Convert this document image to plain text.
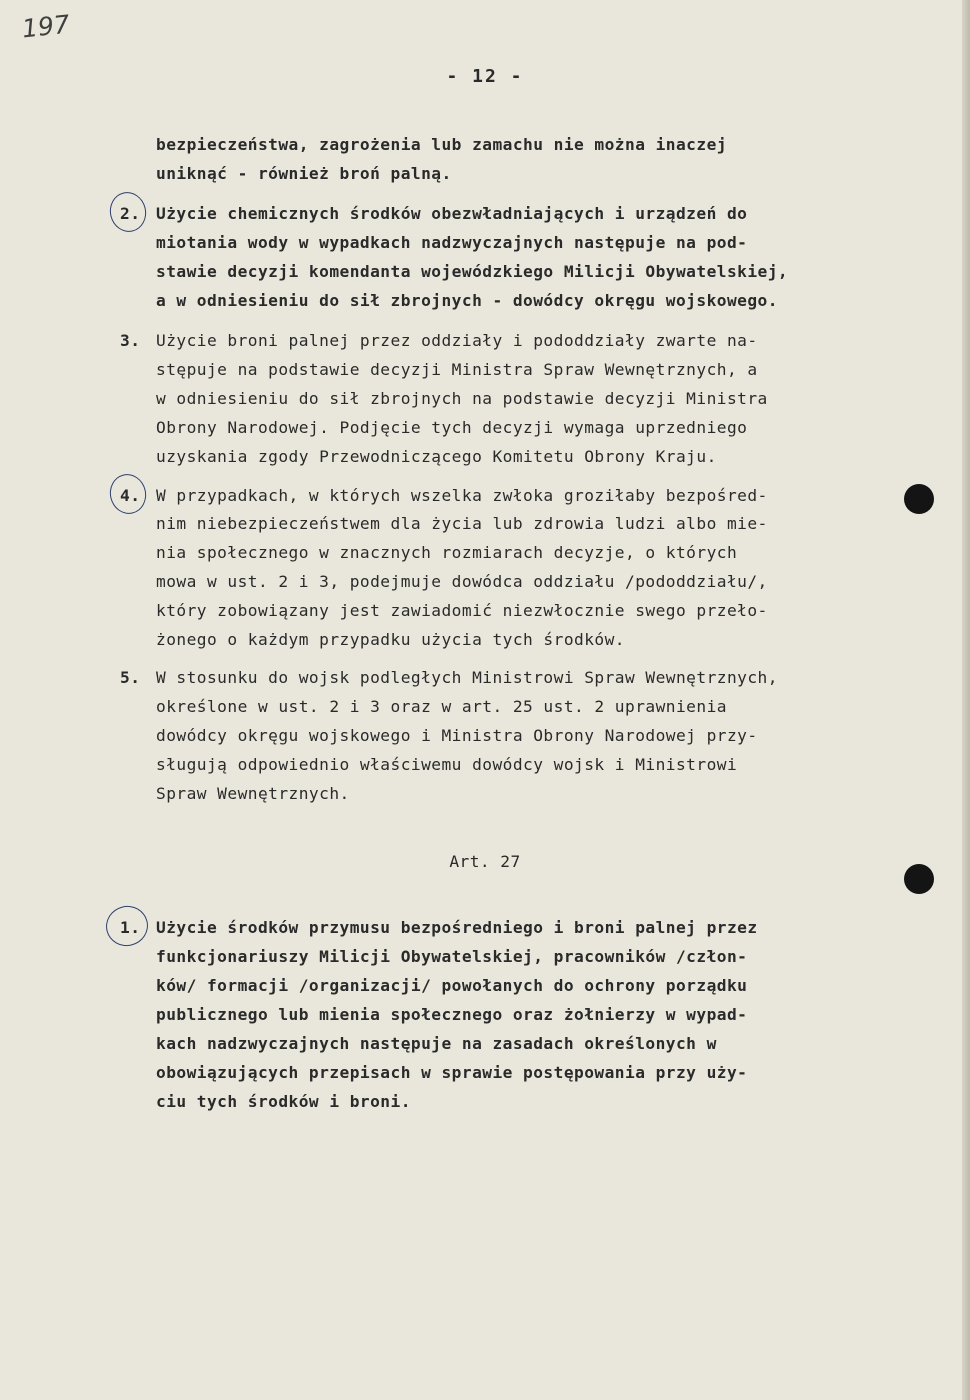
197
- 12 -
bezpieczeństwa, zagrożenia lub zamachu nie można inaczej
uniknąć - również broń palną.
2. Użycie chemicznych środków obezwładniających i urządzeń do
miotania wody w wypadkach nadzwyczajnych następuje na pod-
stawie decyzji komendanta wojewódzkiego Milicji Obywatelskiej,
a w odniesieniu do sił zbrojnych - dowódcy okręgu wojskowego.
3. Użycie broni palnej przez oddziały i pododdziały zwarte na-
stępuje na podstawie decyzji Ministra Spraw Wewnętrznych, a
w odniesieniu do sił zbrojnych na podstawie decyzji Ministra
Obrony Narodowej. Podjęcie tych decyzji wymaga uprzedniego
uzyskania zgody Przewodniczącego Komitetu Obrony Kraju.
4. W przypadkach, w których wszelka zwłoka groziłaby bezpośred-
nim niebezpieczeństwem dla życia lub zdrowia ludzi albo mie-
nia społecznego w znacznych rozmiarach decyzje, o których
mowa w ust. 2 i 3, podejmuje dowódca oddziału /pododdziału/,
który zobowiązany jest zawiadomić niezwłocznie swego przeło-
żonego o każdym przypadku użycia tych środków.
5. W stosunku do wojsk podległych Ministrowi Spraw Wewnętrznych,
określone w ust. 2 i 3 oraz w art. 25 ust. 2 uprawnienia
dowódcy okręgu wojskowego i Ministra Obrony Narodowej przy-
sługują odpowiednio właściwemu dowódcy wojsk i Ministrowi
Spraw Wewnętrznych.
Art. 27
1. Użycie środków przymusu bezpośredniego i broni palnej przez
funkcjonariuszy Milicji Obywatelskiej, pracowników /człon-
ków/ formacji /organizacji/ powołanych do ochrony porządku
publicznego lub mienia społecznego oraz żołnierzy w wypad-
kach nadzwyczajnych następuje na zasadach określonych w
obowiązujących przepisach w sprawie postępowania przy uży-
ciu tych środków i broni.
